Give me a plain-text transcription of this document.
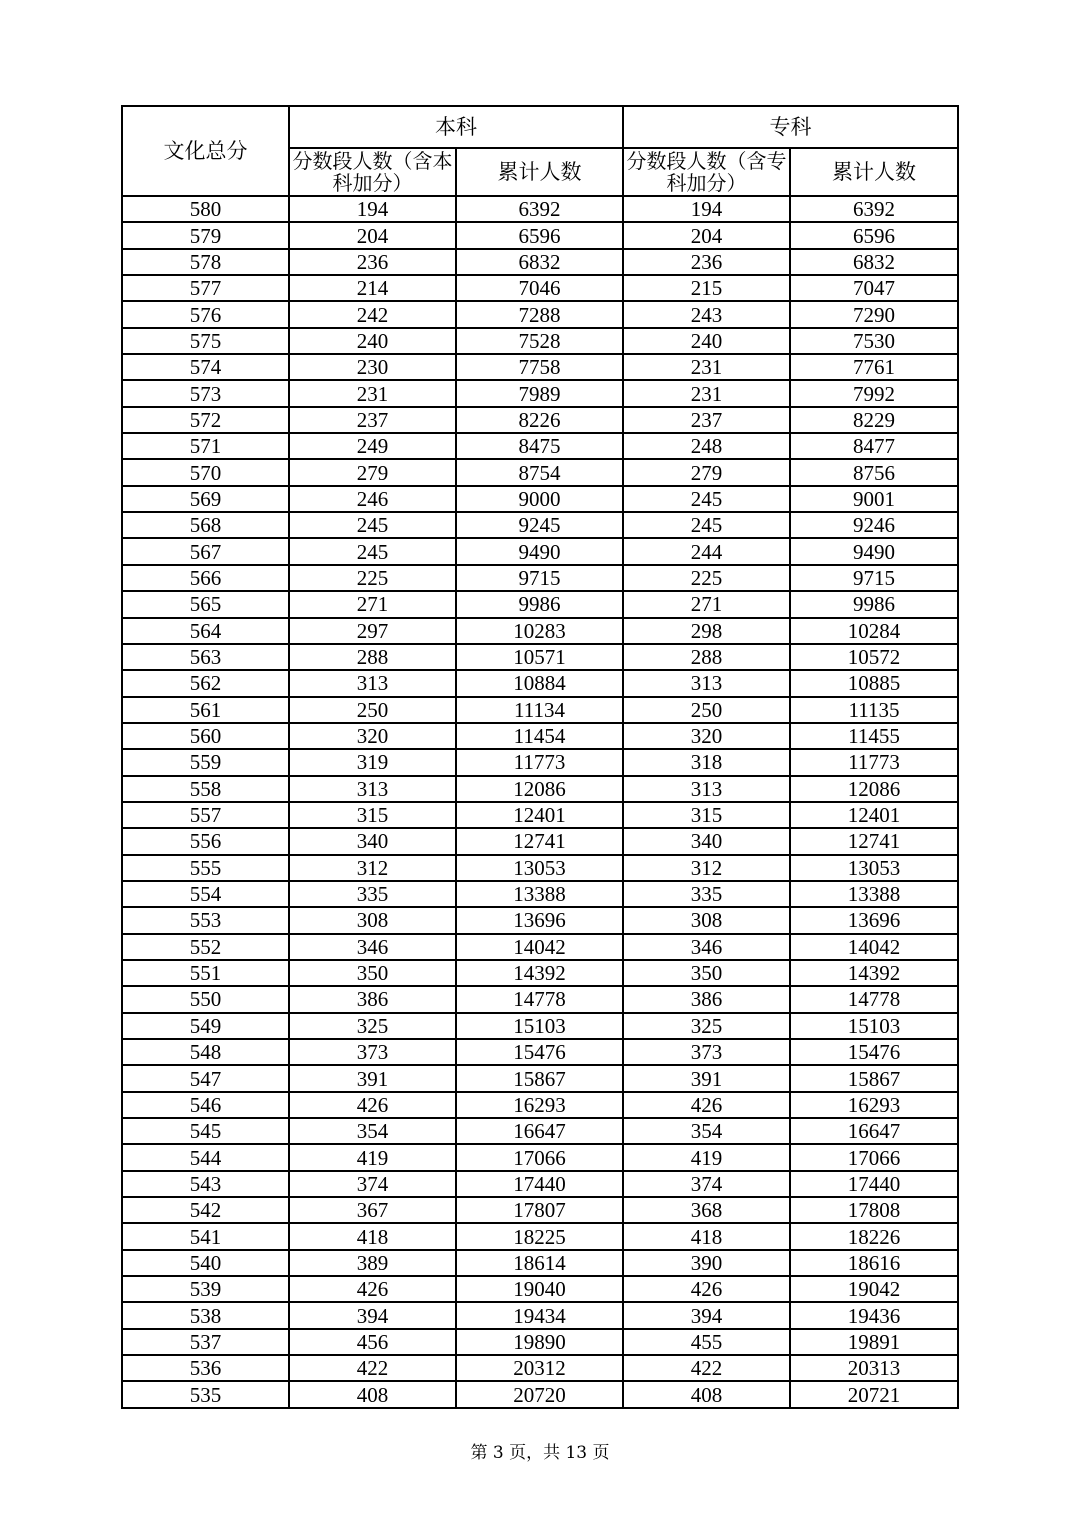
文化总分	本科		专科	
	分数段人数（含本科加分）	累计人数	分数段人数（含专科加分）	累计人数
580	194	6392	194	6392
579	204	6596	204	6596
578	236	6832	236	6832
577	214	7046	215	7047
576	242	7288	243	7290
575	240	7528	240	7530
574	230	7758	231	7761
573	231	7989	231	7992
572	237	8226	237	8229
571	249	8475	248	8477
570	279	8754	279	8756
569	246	9000	245	9001
568	245	9245	245	9246
567	245	9490	244	9490
566	225	9715	225	9715
565	271	9986	271	9986
564	297	10283	298	10284
563	288	10571	288	10572
562	313	10884	313	10885
561	250	11134	250	11135
560	320	11454	320	11455
559	319	11773	318	11773
558	313	12086	313	12086
557	315	12401	315	12401
556	340	12741	340	12741
555	312	13053	312	13053
554	335	13388	335	13388
553	308	13696	308	13696
552	346	14042	346	14042
551	350	14392	350	14392
550	386	14778	386	14778
549	325	15103	325	15103
548	373	15476	373	15476
547	391	15867	391	15867
546	426	16293	426	16293
545	354	16647	354	16647
544	419	17066	419	17066
543	374	17440	374	17440
542	367	17807	368	17808
541	418	18225	418	18226
540	389	18614	390	18616
539	426	19040	426	19042
538	394	19434	394	19436
537	456	19890	455	19891
536	422	20312	422	20313
535	408	20720	408	20721
第 3 页，共 13 页
